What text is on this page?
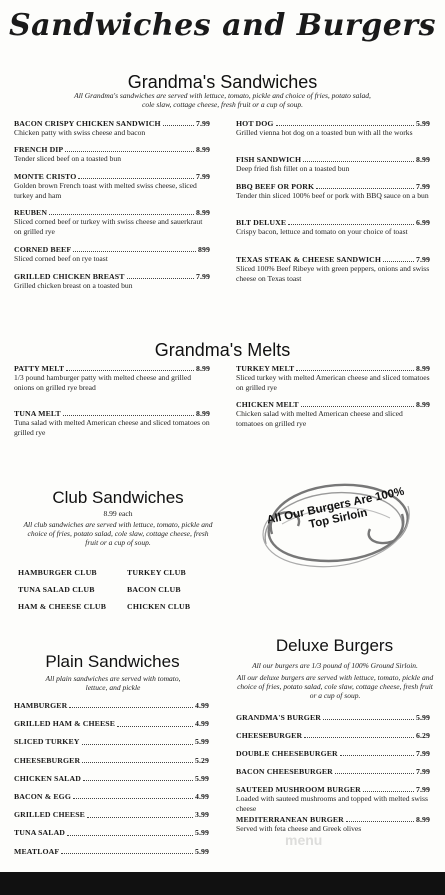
Sandwiches and Burgers
Grandma's Sandwiches
All Grandma's sandwiches are served with lettuce, tomato, pickle and choice of fries, potato salad, cole slaw, cottage cheese, fresh fruit or a cup of soup.
BACON CRISPY CHICKEN SANDWICH	7.99
Chicken patty with swiss cheese and bacon
FRENCH DIP	8.99
Tender sliced beef on a toasted bun
MONTE CRISTO	7.99
Golden brown French toast with melted swiss cheese, sliced turkey and ham
REUBEN	8.99
Sliced corned beef or turkey with swiss cheese and sauerkraut on grilled rye
CORNED BEEF	899
Sliced corned beef on rye toast
GRILLED CHICKEN BREAST	7.99
Grilled chicken breast on a toasted bun
HOT DOG	5.99
Grilled vienna hot dog on a toasted bun with all the works
FISH SANDWICH	8.99
Deep fried fish fillet on a toasted bun
BBQ BEEF OR PORK	7.99
Tender thin sliced 100% beef or pork with BBQ sauce on a bun
BLT DELUXE	6.99
Crispy bacon, lettuce and tomato on your choice of toast
TEXAS STEAK & CHEESE SANDWICH	7.99
Sliced 100% Beef Ribeye with green peppers, onions and swiss cheese on Texas toast
Grandma's Melts
PATTY MELT	8.99
1/3 pound hamburger patty with melted cheese and grilled onions on grilled rye bread
TUNA MELT	8.99
Tuna salad with melted American cheese and sliced tomatoes on grilled rye
TURKEY MELT	8.99
Sliced turkey with melted American cheese and sliced tomatoes on grilled rye
CHICKEN MELT	8.99
Chicken salad with melted American cheese and sliced tomatoes on grilled rye
Club Sandwiches
8.99 each
All club sandwiches are served with lettuce, tomato, pickle and choice of fries, potato salad, cole slaw, cottage cheese, fresh fruit or a cup of soup.
HAMBURGER CLUB	TURKEY CLUB
TUNA SALAD CLUB	BACON CLUB
HAM & CHEESE CLUB	CHICKEN CLUB
All Our Burgers Are 100% Top Sirloin
Plain Sandwiches
All plain sandwiches are served with tomato, lettuce, and pickle
HAMBURGER	4.99
GRILLED HAM & CHEESE	4.99
SLICED TURKEY	5.99
CHEESEBURGER	5.29
CHICKEN SALAD	5.99
BACON & EGG	4.99
GRILLED CHEESE	3.99
TUNA SALAD	5.99
MEATLOAF	5.99
Deluxe Burgers
All our burgers are 1/3 pound of 100% Ground Sirloin.
All our deluxe burgers are served with lettuce, tomato, pickle and choice of fries, potato salad, cole slaw, cottage cheese, fresh fruit or a cup of soup.
GRANDMA'S BURGER	5.99
CHEESEBURGER	6.29
DOUBLE CHEESEBURGER	7.99
BACON CHEESEBURGER	7.99
SAUTEED MUSHROOM BURGER	7.99
Loaded with sauteed mushrooms and topped with melted swiss cheese
MEDITERRANEAN BURGER	8.99
Served with feta cheese and Greek olives
menu
